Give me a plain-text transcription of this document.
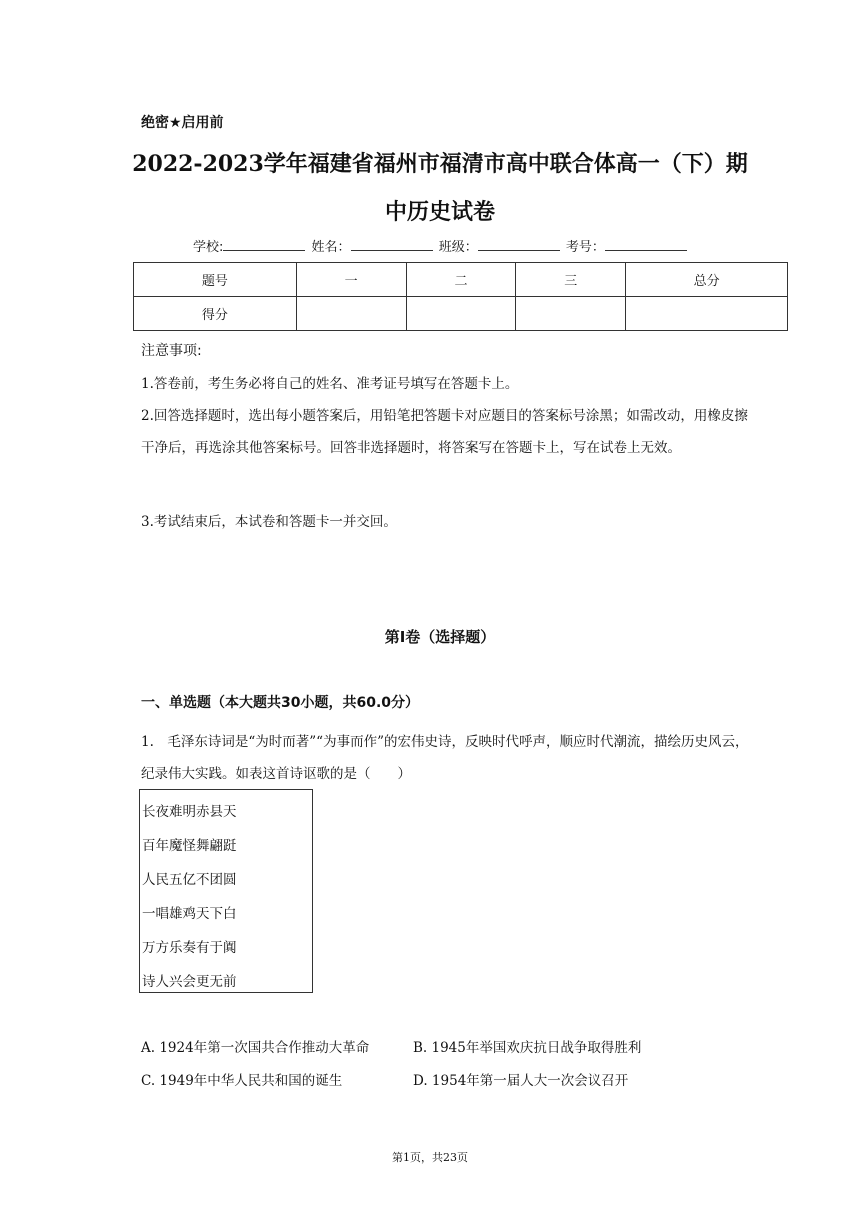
绝密★启用前
2022-2023学年福建省福州市福清市高中联合体高一（下）期
中历史试卷
学校:	姓名：	班级：	考号：
题号	一	二	三	总分
得分				
注意事项:
1.答卷前，考生务必将自己的姓名、准考证号填写在答题卡上。
2.回答选择题时，选出每小题答案后，用铅笔把答题卡对应题目的答案标号涂黑；如需改动，用橡皮擦干净后，再选涂其他答案标号。回答非选择题时，将答案写在答题卡上，写在试卷上无效。
3.考试结束后，本试卷和答题卡一并交回。
第I卷（选择题）
一、单选题（本大题共30小题，共60.0分）
1.　毛泽东诗词是“为时而著”“为事而作”的宏伟史诗，反映时代呼声，顺应时代潮流，描绘历史风云，纪录伟大实践。如表这首诗讴歌的是（　　）
长夜难明赤县天
百年魔怪舞翩跹
人民五亿不团圆
一唱雄鸡天下白
万方乐奏有于阗
诗人兴会更无前
A. 1924年第一次国共合作推动大革命	B. 1945年举国欢庆抗日战争取得胜利
C. 1949年中华人民共和国的诞生	D. 1954年第一届人大一次会议召开
第1页，共23页
